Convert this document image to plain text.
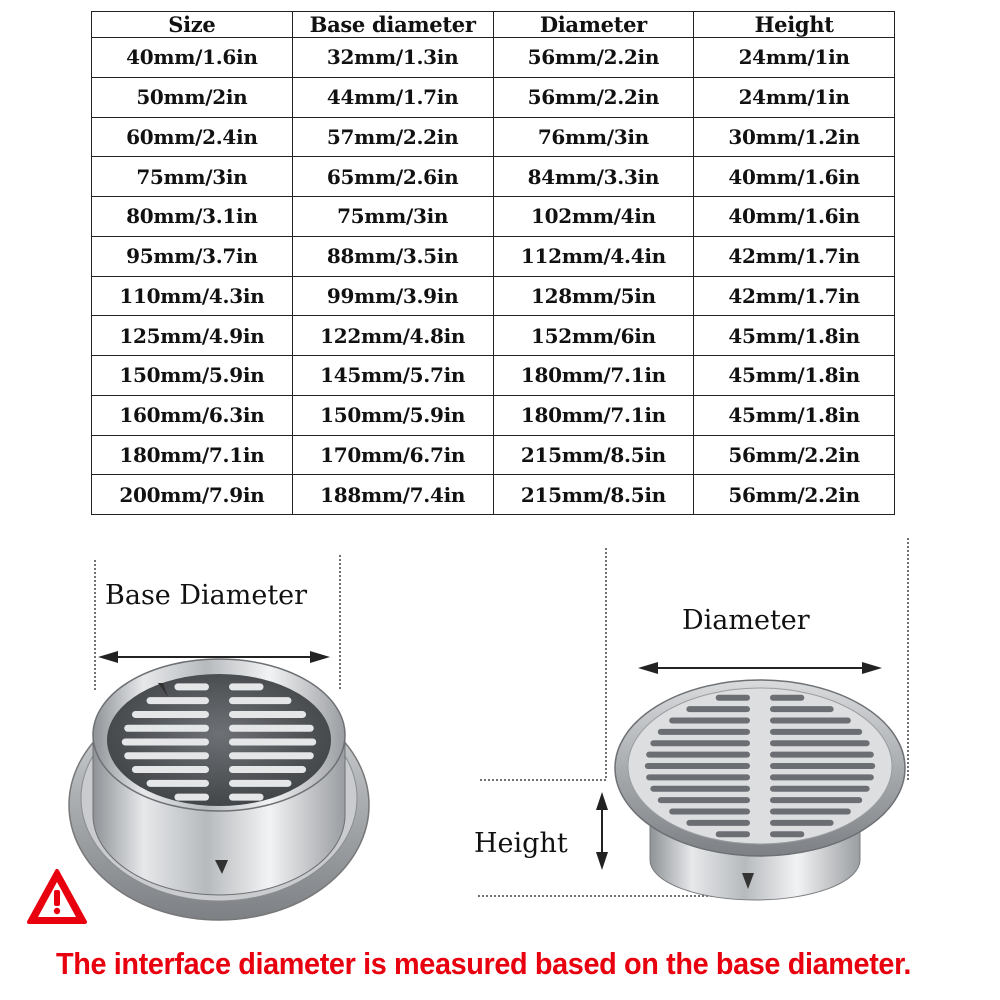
Size	Base diameter	Diameter	Height
40mm/1.6in	32mm/1.3in	56mm/2.2in	24mm/1in
50mm/2in	44mm/1.7in	56mm/2.2in	24mm/1in
60mm/2.4in	57mm/2.2in	76mm/3in	30mm/1.2in
75mm/3in	65mm/2.6in	84mm/3.3in	40mm/1.6in
80mm/3.1in	75mm/3in	102mm/4in	40mm/1.6in
95mm/3.7in	88mm/3.5in	112mm/4.4in	42mm/1.7in
110mm/4.3in	99mm/3.9in	128mm/5in	42mm/1.7in
125mm/4.9in	122mm/4.8in	152mm/6in	45mm/1.8in
150mm/5.9in	145mm/5.7in	180mm/7.1in	45mm/1.8in
160mm/6.3in	150mm/5.9in	180mm/7.1in	45mm/1.8in
180mm/7.1in	170mm/6.7in	215mm/8.5in	56mm/2.2in
200mm/7.9in	188mm/7.4in	215mm/8.5in	56mm/2.2in
Base Diameter
Diameter
Height
The interface diameter is measured based on the base diameter.
